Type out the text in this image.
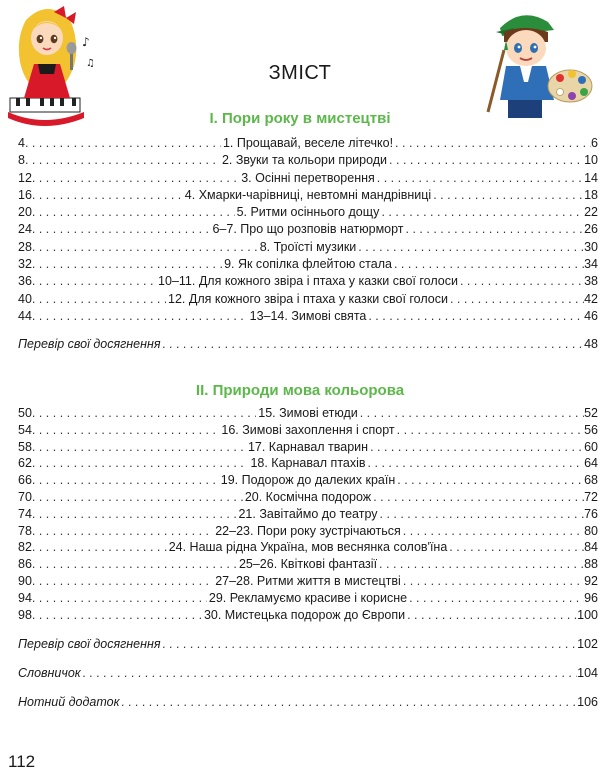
♪
♫	ЗМІСТ
І. Пори року в мистецтві
4 . . .	1. Прощавай, веселе літечко! . . .	6
8 . . .	2. Звуки та кольори природи . . .	10
12 . . .	3. Осінні перетворення . . .	14
16 . . .	4. Хмарки-чарівниці, невтомні мандрівниці . . .	18
20 . . .	5. Ритми осіннього дощу . . .	22
24 . . .	6–7. Про що розповів натюрморт . . .	26
28 . . .	8. Троїсті музики . . .	30
32 . . .	9. Як сопілка флейтою стала . . .	34
36 . . .	10–11. Для кожного звіра і птаха у казки свої голоси . . .	38
40 . . .	12. Для кожного звіра і птаха у казки свої голоси . . .	42
44 . . .	13–14. Зимові свята . . .	46
Перевір свої досягнення . . .	48
ІІ. Природи мова кольорова
50 . . .	15. Зимові етюди . . .	52
54 . . .	16. Зимові захоплення і спорт . . .	56
58 . . .	17. Карнавал тварин . . .	60
62 . . .	18. Карнавал птахів . . .	64
66 . . .	19. Подорож до далеких країн . . .	68
70 . . .	20. Космічна подорож . . .	72
74 . . .	21. Завітаймо до театру . . .	76
78 . . .	22–23. Пори року зустрічаються . . .	80
82 . . .	24. Наша рідна Україна, мов веснянка солов'їна . . .	84
86 . . .	25–26. Квіткові фантазії . . .	88
90 . . .	27–28. Ритми життя в мистецтві . . .	92
94 . . .	29. Рекламуємо красиве і корисне . . .	96
98 . . .	30. Мистецька подорож до Європи . . .	100
Перевір свої досягнення . . .	102
Словничок . . .	104
Нотний додаток . . .	106
112
